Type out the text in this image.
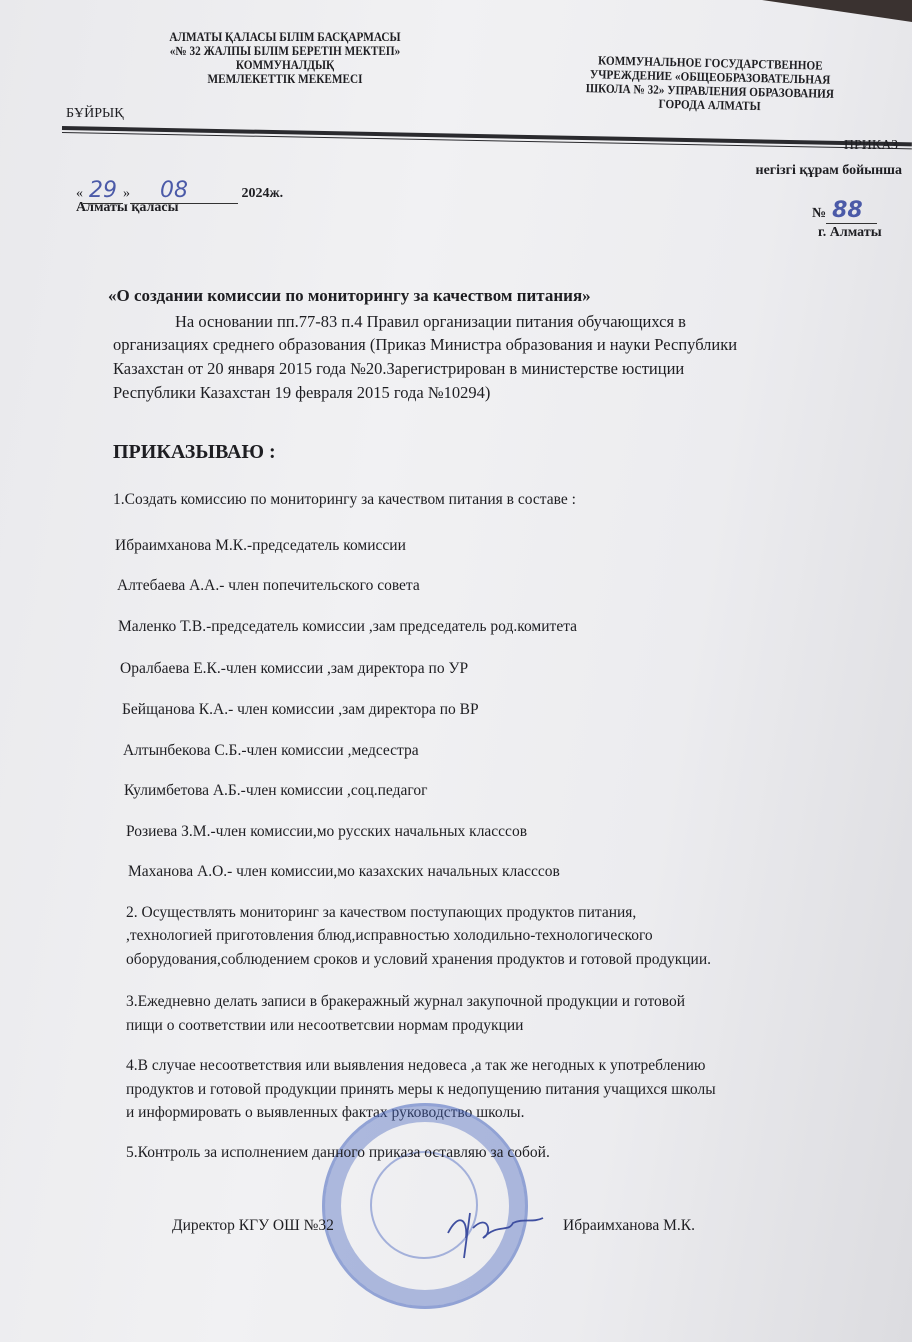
АЛМАТЫ ҚАЛАСЫ БІЛІМ БАСҚАРМАСЫ
«№ 32 ЖАЛПЫ БІЛІМ БЕРЕТІН МЕКТЕП»
КОММУНАЛДЫҚ
МЕМЛЕКЕТТІК МЕКЕМЕСІ
КОММУНАЛЬНОЕ ГОСУДАРСТВЕННОЕ
УЧРЕЖДЕНИЕ «ОБЩЕОБРАЗОВАТЕЛЬНАЯ
ШКОЛА № 32» УПРАВЛЕНИЯ ОБРАЗОВАНИЯ
ГОРОДА АЛМАТЫ
БҰЙРЫҚ
ПРИКАЗ
негізгі құрам бойынша
« 29 » 08	2024ж.
Алматы қаласы	№ 88
г. Алматы
«О создании комиссии по мониторингу за качеством питания»
На основании пп.77-83 п.4 Правил организации питания обучающихся в
организациях среднего образования (Приказ Министра образования и науки Республики
Казахстан от 20 января 2015 года №20.Зарегистрирован в министерстве юстиции
Республики Казахстан 19 февраля 2015 года №10294)
ПРИКАЗЫВАЮ :
1.Создать комиссию по мониторингу за качеством питания в составе :
Ибраимханова М.К.-председатель комиссии
Алтебаева А.А.- член попечительского совета
Маленко Т.В.-председатель комиссии ,зам председатель род.комитета
Оралбаева Е.К.-член комиссии ,зам директора по УР
Бейщанова К.А.- член комиссии ,зам директора по ВР
Алтынбекова С.Б.-член комиссии ,медсестра
Кулимбетова А.Б.-член комиссии ,соц.педагог
Розиева З.М.-член комиссии,мо русских начальных класссов
Маханова А.О.- член комиссии,мо казахских начальных класссов
2. Осуществлять мониторинг за качеством поступающих продуктов питания,
,технологией приготовления блюд,исправностью холодильно-технологического
оборудования,соблюдением сроков и условий хранения продуктов и готовой продукции.
3.Ежедневно делать записи в бракеражный журнал закупочной продукции и готовой
пищи о соответствии или несоответсвии нормам продукции
4.В случае несоответствия или выявления недовеса ,а так же негодных к употреблению
продуктов и готовой продукции принять меры к недопущению питания учащихся школы
и информировать о выявленных фактах руководство школы.
5.Контроль за исполнением данного приказа оставляю за собой.
Директор КГУ ОШ №32	Ибраимханова М.К.
